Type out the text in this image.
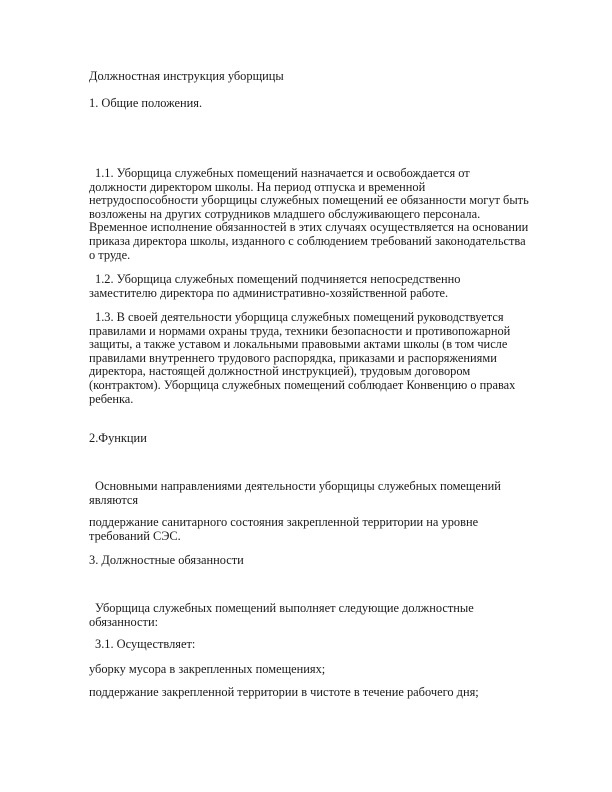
Должностная инструкция уборщицы

1. Общие положения.

1.1. Уборщица служебных помещений назначается и освобождается от должности директором школы. На период отпуска и временной нетрудоспособности уборщицы служебных помещений ее обязанности могут быть возложены на других сотрудников младшего обслуживающего персонала. Временное исполнение обязанностей в этих случаях осуществляется на основании приказа директора школы, изданного с соблюдением требований законодательства о труде.

1.2. Уборщица служебных помещений подчиняется непосредственно заместителю директора по административно-хозяйственной работе.

1.3. В своей деятельности уборщица служебных помещений руководствуется правилами и нормами охраны труда, техники безопасности и противопожарной защиты, а также уставом и локальными правовыми актами школы (в том числе правилами внутреннего трудового распорядка, приказами и распоряжениями директора, настоящей должностной инструкцией), трудовым договором (контрактом). Уборщица служебных помещений соблюдает Конвенцию о правах ребенка.

2.Функции

Основными направлениями деятельности уборщицы служебных помещений являются

поддержание санитарного состояния закрепленной территории на уровне требований СЭС.

3. Должностные обязанности

Уборщица служебных помещений выполняет следующие должностные обязанности:

3.1. Осуществляет:

уборку мусора в закрепленных помещениях;

поддержание закрепленной территории в чистоте в течение рабочего дня;
